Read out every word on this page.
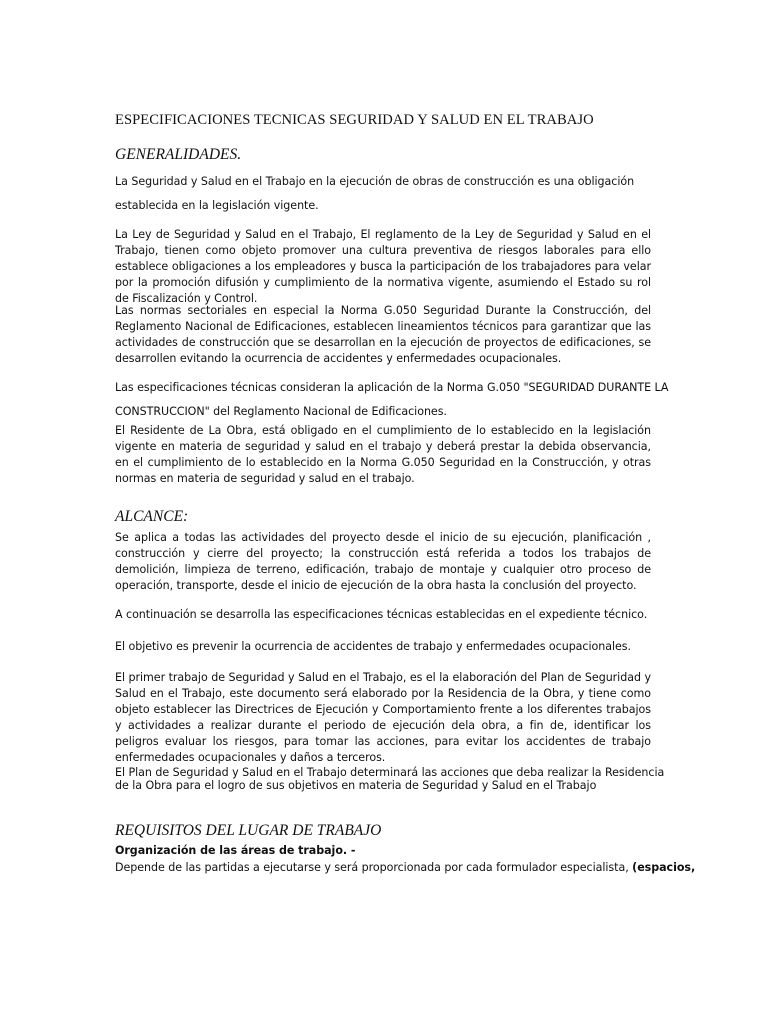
ESPECIFICACIONES TECNICAS SEGURIDAD Y SALUD EN EL TRABAJO
GENERALIDADES.

La Seguridad y Salud en el Trabajo en la ejecución de obras de construcción es una obligación

establecida en la legislación vigente.

La Ley de Seguridad y Salud en el Trabajo, El reglamento de la Ley de Seguridad y Salud en el Trabajo, tienen como objeto promover una cultura preventiva de riesgos laborales para ello establece obligaciones a los empleadores y busca la participación de los trabajadores para velar por la promoción difusión y cumplimiento de la normativa vigente, asumiendo el Estado su rol de Fiscalización y Control.

Las normas sectoriales en especial la Norma G.050 Seguridad Durante la Construcción, del Reglamento Nacional de Edificaciones, establecen lineamientos técnicos para garantizar que las actividades de construcción que se desarrollan en la ejecución de proyectos de edificaciones, se desarrollen evitando la ocurrencia de accidentes y enfermedades ocupacionales.

Las especificaciones técnicas consideran la aplicación de la Norma G.050 "SEGURIDAD DURANTE LA

CONSTRUCCION" del Reglamento Nacional de Edificaciones.

El Residente de La Obra, está obligado en el cumplimiento de lo establecido en la legislación vigente en materia de seguridad y salud en el trabajo y deberá prestar la debida observancia, en el cumplimiento de lo establecido en la Norma G.050 Seguridad en la Construcción, y otras normas en materia de seguridad y salud en el trabajo.

ALCANCE:

Se aplica a todas las actividades del proyecto desde el inicio de su ejecución, planificación , construcción y cierre del proyecto; la construcción está referida a todos los trabajos de demolición, limpieza de terreno, edificación, trabajo de montaje y cualquier otro proceso de operación, transporte, desde el inicio de ejecución de la obra hasta la conclusión del proyecto.

A continuación se desarrolla las especificaciones técnicas establecidas en el expediente técnico.

El objetivo es prevenir la ocurrencia de accidentes de trabajo y enfermedades ocupacionales.

El primer trabajo de Seguridad y Salud en el Trabajo, es el la elaboración del Plan de Seguridad y Salud en el Trabajo, este documento será elaborado por la Residencia de la Obra, y tiene como objeto establecer las Directrices de Ejecución y Comportamiento frente a los diferentes trabajos y actividades a realizar durante el periodo de ejecución dela obra, a fin de, identificar los peligros evaluar los riesgos, para tomar las acciones, para evitar los accidentes de trabajo enfermedades ocupacionales y daños a terceros.

El Plan de Seguridad y Salud en el Trabajo determinará las acciones que deba realizar la Residencia

de la Obra para el logro de sus objetivos en materia de Seguridad y Salud en el Trabajo

REQUISITOS DEL LUGAR DE TRABAJO

Organización de las áreas de trabajo. -

Depende de las partidas a ejecutarse y será proporcionada por cada formulador especialista, (espacios,
